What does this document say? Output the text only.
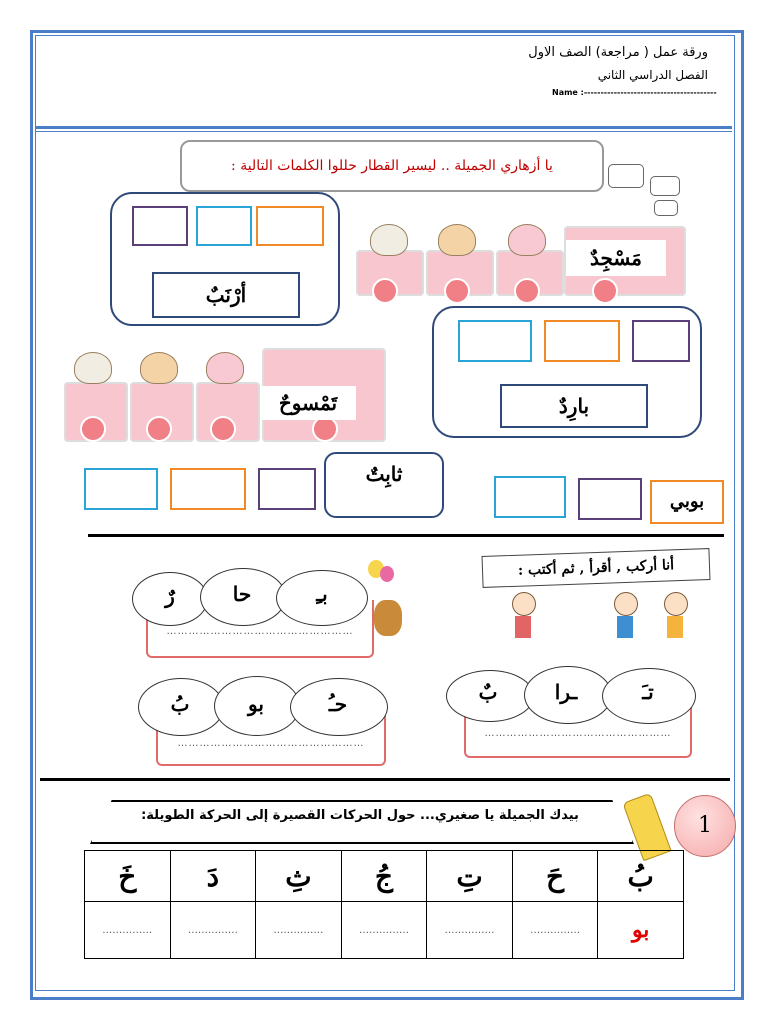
ورقة عمل ( مراجعة) الصف الاول
الفصل الدراسي الثاني
Name :----------------------------------------
يا أزهاري الجميلة .. ليسير القطار حللوا الكلمات التالية :
أرْنَبٌ
مَسْجِدٌ
بارِدٌ
تَمْسوحٌ
ثابِتٌ
بوبي
أنا أركب , أقرأ , ثم أكتب :
……………………………………………
رٌ	حا	بـِ
……………………………………………
بٌ	ـرا	تـَ
……………………………………………
بُ	بو	حـُ
بيدك الجميلة يا صغيري... حول الحركات القصيرة إلى الحركة الطويلة:	1
خَ	دَ	ثِ	جُ	تِ	حَ	بُ
……………	……………	……………	……………	……………	……………	بو
